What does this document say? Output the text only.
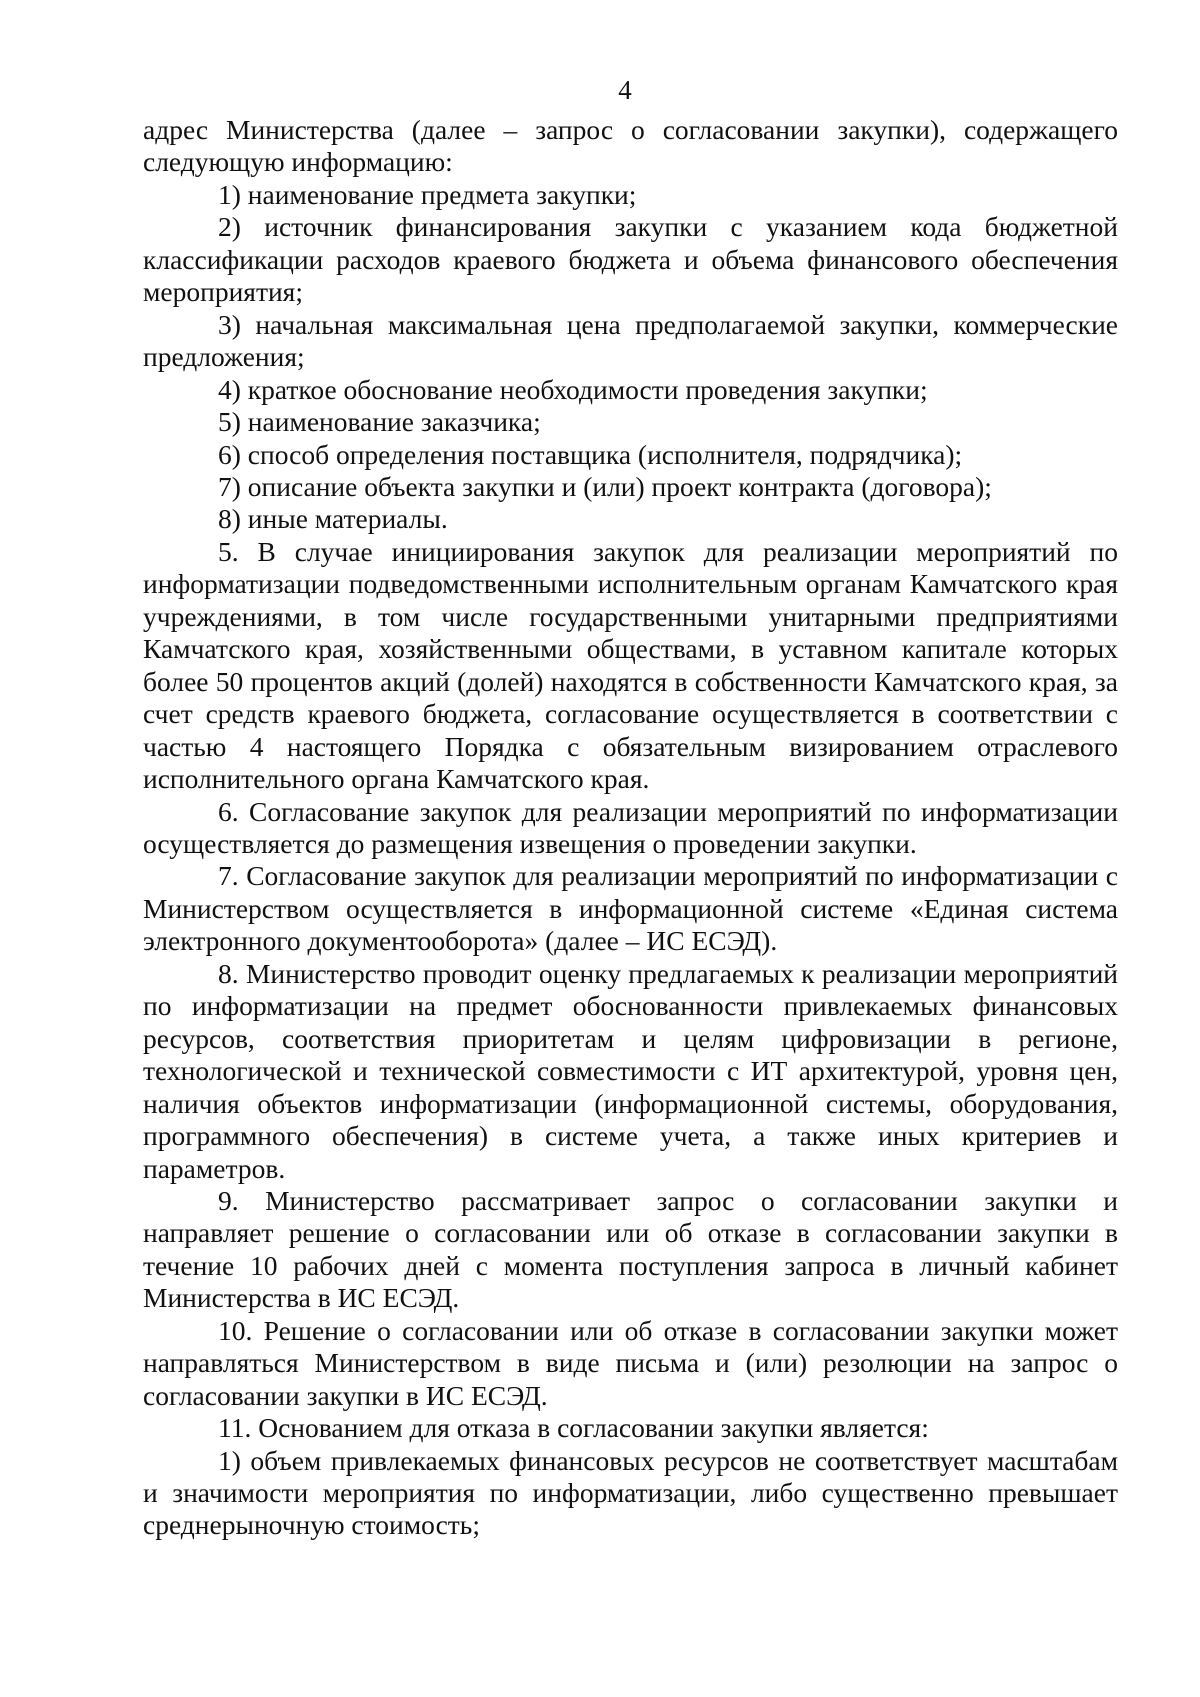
4

адрес Министерства (далее – запрос о согласовании закупки), содержащего следующую информацию:

1) наименование предмета закупки;

2) источник финансирования закупки с указанием кода бюджетной классификации расходов краевого бюджета и объема финансового обеспечения мероприятия;

3) начальная максимальная цена предполагаемой закупки, коммерческие предложения;

4) краткое обоснование необходимости проведения закупки;

5) наименование заказчика;

6) способ определения поставщика (исполнителя, подрядчика);

7) описание объекта закупки и (или) проект контракта (договора);

8) иные материалы.

5. В случае инициирования закупок для реализации мероприятий по информатизации подведомственными исполнительным органам Камчатского края учреждениями, в том числе государственными унитарными предприятиями Камчатского края, хозяйственными обществами, в уставном капитале которых более 50 процентов акций (долей) находятся в собственности Камчатского края, за счет средств краевого бюджета, согласование осуществляется в соответствии с частью 4 настоящего Порядка с обязательным визированием отраслевого исполнительного органа Камчатского края.

6. Согласование закупок для реализации мероприятий по информатизации осуществляется до размещения извещения о проведении закупки.

7. Согласование закупок для реализации мероприятий по информатизации с Министерством осуществляется в информационной системе «Единая система электронного документооборота» (далее – ИС ЕСЭД).

8. Министерство проводит оценку предлагаемых к реализации мероприятий по информатизации на предмет обоснованности привлекаемых финансовых ресурсов, соответствия приоритетам и целям цифровизации в регионе, технологической и технической совместимости с ИТ архитектурой, уровня цен, наличия объектов информатизации (информационной системы, оборудования, программного обеспечения) в системе учета, а также иных критериев и параметров.

9. Министерство рассматривает запрос о согласовании закупки и направляет решение о согласовании или об отказе в согласовании закупки в течение 10 рабочих дней с момента поступления запроса в личный кабинет Министерства в ИС ЕСЭД.

10. Решение о согласовании или об отказе в согласовании закупки может направляться Министерством в виде письма и (или) резолюции на запрос о согласовании закупки в ИС ЕСЭД.

11. Основанием для отказа в согласовании закупки является:

1) объем привлекаемых финансовых ресурсов не соответствует масштабам и значимости мероприятия по информатизации, либо существенно превышает среднерыночную стоимость;
